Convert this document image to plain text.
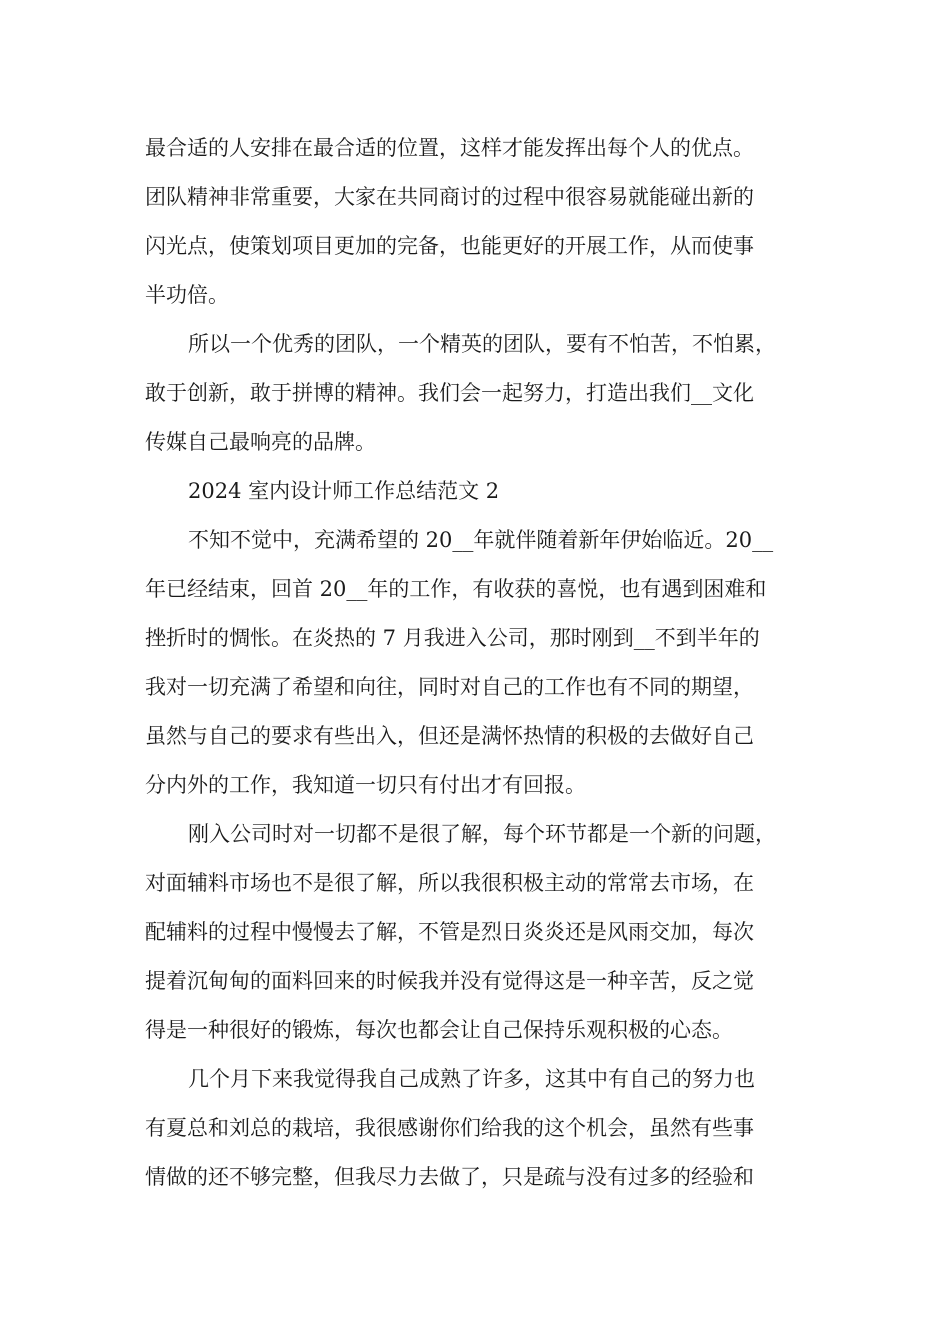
最合适的人安排在最合适的位置，这样才能发挥出每个人的优点。
团队精神非常重要，大家在共同商讨的过程中很容易就能碰出新的
闪光点，使策划项目更加的完备，也能更好的开展工作，从而使事
半功倍。
所以一个优秀的团队，一个精英的团队，要有不怕苦，不怕累，
敢于创新，敢于拼博的精神。我们会一起努力，打造出我们__文化
传媒自己最响亮的品牌。
2024 室内设计师工作总结范文 2
不知不觉中，充满希望的 20__年就伴随着新年伊始临近。20__
年已经结束，回首 20__年的工作，有收获的喜悦，也有遇到困难和
挫折时的惆怅。在炎热的 7 月我进入公司，那时刚到__不到半年的
我对一切充满了希望和向往，同时对自己的工作也有不同的期望，
虽然与自己的要求有些出入，但还是满怀热情的积极的去做好自己
分内外的工作，我知道一切只有付出才有回报。
刚入公司时对一切都不是很了解，每个环节都是一个新的问题，
对面辅料市场也不是很了解，所以我很积极主动的常常去市场，在
配辅料的过程中慢慢去了解，不管是烈日炎炎还是风雨交加，每次
提着沉甸甸的面料回来的时候我并没有觉得这是一种辛苦，反之觉
得是一种很好的锻炼，每次也都会让自己保持乐观积极的心态。
几个月下来我觉得我自己成熟了许多，这其中有自己的努力也
有夏总和刘总的栽培，我很感谢你们给我的这个机会，虽然有些事
情做的还不够完整，但我尽力去做了，只是疏与没有过多的经验和
